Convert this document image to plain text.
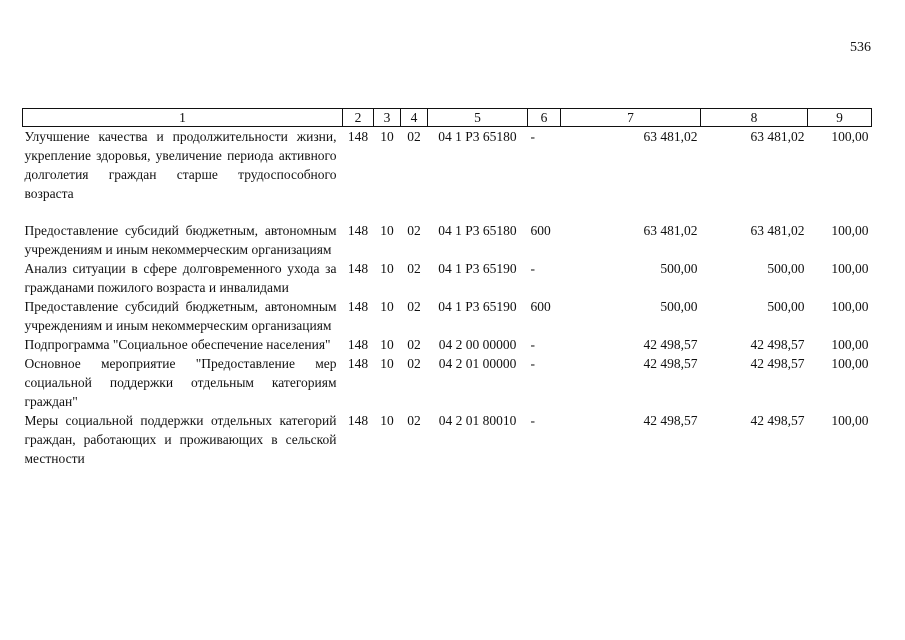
536
1	2	3	4	5	6	7	8	9
Улучшение качества и продолжительности жизни, укрепление здоровья, увеличение периода активного долголетия граждан старше трудоспособного возраста	148	10	02	04 1 P3 65180	-	63 481,02	63 481,02	100,00
Предоставление субсидий бюджетным, автономным учреждениям и иным некоммерческим организациям	148	10	02	04 1 P3 65180	600	63 481,02	63 481,02	100,00
Анализ ситуации в сфере долговременного ухода за гражданами пожилого возраста и инвалидами	148	10	02	04 1 P3 65190	-	500,00	500,00	100,00
Предоставление субсидий бюджетным, автономным учреждениям и иным некоммерческим организациям	148	10	02	04 1 P3 65190	600	500,00	500,00	100,00
Подпрограмма "Социальное обеспечение населения"	148	10	02	04 2 00 00000	-	42 498,57	42 498,57	100,00
Основное мероприятие "Предоставление мер социальной поддержки отдельным категориям граждан"	148	10	02	04 2 01 00000	-	42 498,57	42 498,57	100,00
Меры социальной поддержки отдельных категорий граждан, работающих и проживающих в сельской местности	148	10	02	04 2 01 80010	-	42 498,57	42 498,57	100,00
